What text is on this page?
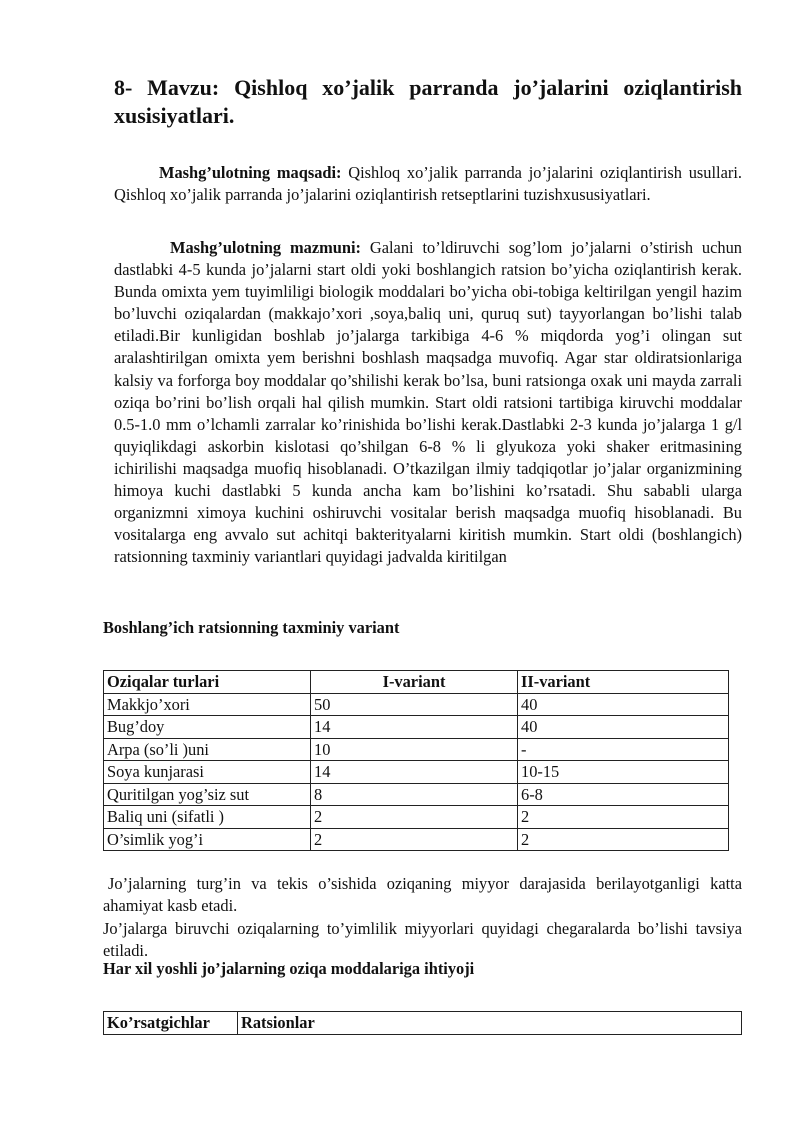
8- Mavzu: Qishloq xo’jalik parranda jo’jalarini oziqlantirish xusisiyatlari.

Mashg’ulotning maqsadi: Qishloq xo’jalik parranda jo’jalarini oziqlantirish usullari. Qishloq xo’jalik parranda jo’jalarini oziqlantirish retseptlarini tuzishxususiyatlari.

Mashg’ulotning mazmuni: Galani to’ldiruvchi sog’lom jo’jalarni o’stirish uchun dastlabki 4-5 kunda jo’jalarni start oldi yoki boshlangich ratsion bo’yicha oziqlantirish kerak. Bunda omixta yem tuyimliligi biologik moddalari bo’yicha obi-tobiga keltirilgan yengil hazim bo’luvchi oziqalardan (makkajo’xori ,soya,baliq uni, quruq sut) tayyorlangan bo’lishi talab etiladi.Bir kunligidan boshlab jo’jalarga tarkibiga 4-6 % miqdorda yog’i olingan sut aralashtirilgan omixta yem berishni boshlash maqsadga muvofiq. Agar star oldiratsionlariga kalsiy va forforga boy moddalar qo’shilishi kerak bo’lsa, buni ratsionga oxak uni mayda zarrali oziqa bo’rini bo’lish orqali hal qilish mumkin. Start oldi ratsioni tartibiga kiruvchi moddalar 0.5-1.0 mm o’lchamli zarralar ko’rinishida bo’lishi kerak.Dastlabki 2-3 kunda jo’jalarga 1 g/l quyiqlikdagi askorbin kislotasi qo’shilgan 6-8 % li glyukoza yoki shaker eritmasining ichirilishi maqsadga muofiq hisoblanadi. O’tkazilgan ilmiy tadqiqotlar jo’jalar organizmining himoya kuchi dastlabki 5 kunda ancha kam bo’lishini ko’rsatadi. Shu sababli ularga organizmni ximoya kuchini oshiruvchi vositalar berish maqsadga muofiq hisoblanadi. Bu vositalarga eng avvalo sut achitqi bakterityalarni kiritish mumkin. Start oldi (boshlangich) ratsionning taxminiy variantlari quyidagi jadvalda kiritilgan

Boshlang’ich ratsionning taxminiy variant
Oziqalar turlari	I-variant	II-variant
Makkjo’xori	50	40
Bug’doy	14	40
Arpa (so’li )uni	10	-
Soya kunjarasi	14	10-15
Quritilgan yog’siz sut	8	6-8
Baliq uni (sifatli )	2	2
O’simlik yog’i	2	2

Jo’jalarning turg’in va tekis o’sishida oziqaning miyyor darajasida berilayotganligi katta ahamiyat kasb etadi.

Jo’jalarga biruvchi oziqalarning to’yimlilik miyyorlari quyidagi chegaralarda bo’lishi tavsiya etiladi.

Har xil yoshli jo’jalarning oziqa moddalariga ihtiyoji
Ko’rsatgichlar	Ratsionlar
